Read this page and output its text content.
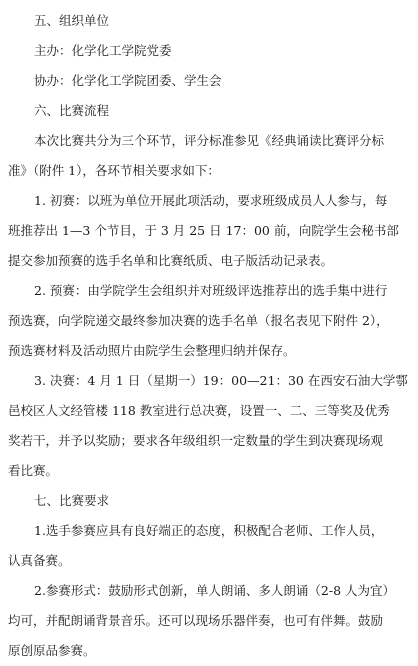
五、组织单位
主办：化学化工学院党委
协办：化学化工学院团委、学生会
六、比赛流程
本次比赛共分为三个环节，评分标准参见《经典诵读比赛评分标
准》（附件 1），各环节相关要求如下：
1. 初赛：以班为单位开展此项活动，要求班级成员人人参与，每
班推荐出 1—3 个节目，于 3 月 25 日 17：00 前，向院学生会秘书部
提交参加预赛的选手名单和比赛纸质、电子版活动记录表。
2. 预赛：由学院学生会组织并对班级评选推荐出的选手集中进行
预选赛，向学院递交最终参加决赛的选手名单（报名表见下附件 2），
预选赛材料及活动照片由院学生会整理归纳并保存。
3. 决赛：4 月 1 日（星期一）19：00—21：30 在西安石油大学鄠
邑校区人文经管楼 118 教室进行总决赛，设置一、二、三等奖及优秀
奖若干，并予以奖励；要求各年级组织一定数量的学生到决赛现场观
看比赛。
七、比赛要求
1.选手参赛应具有良好端正的态度，积极配合老师、工作人员，
认真备赛。
2.参赛形式：鼓励形式创新，单人朗诵、多人朗诵（2-8 人为宜）
均可，并配朗诵背景音乐。还可以现场乐器伴奏，也可有伴舞。鼓励
原创原品参赛。
